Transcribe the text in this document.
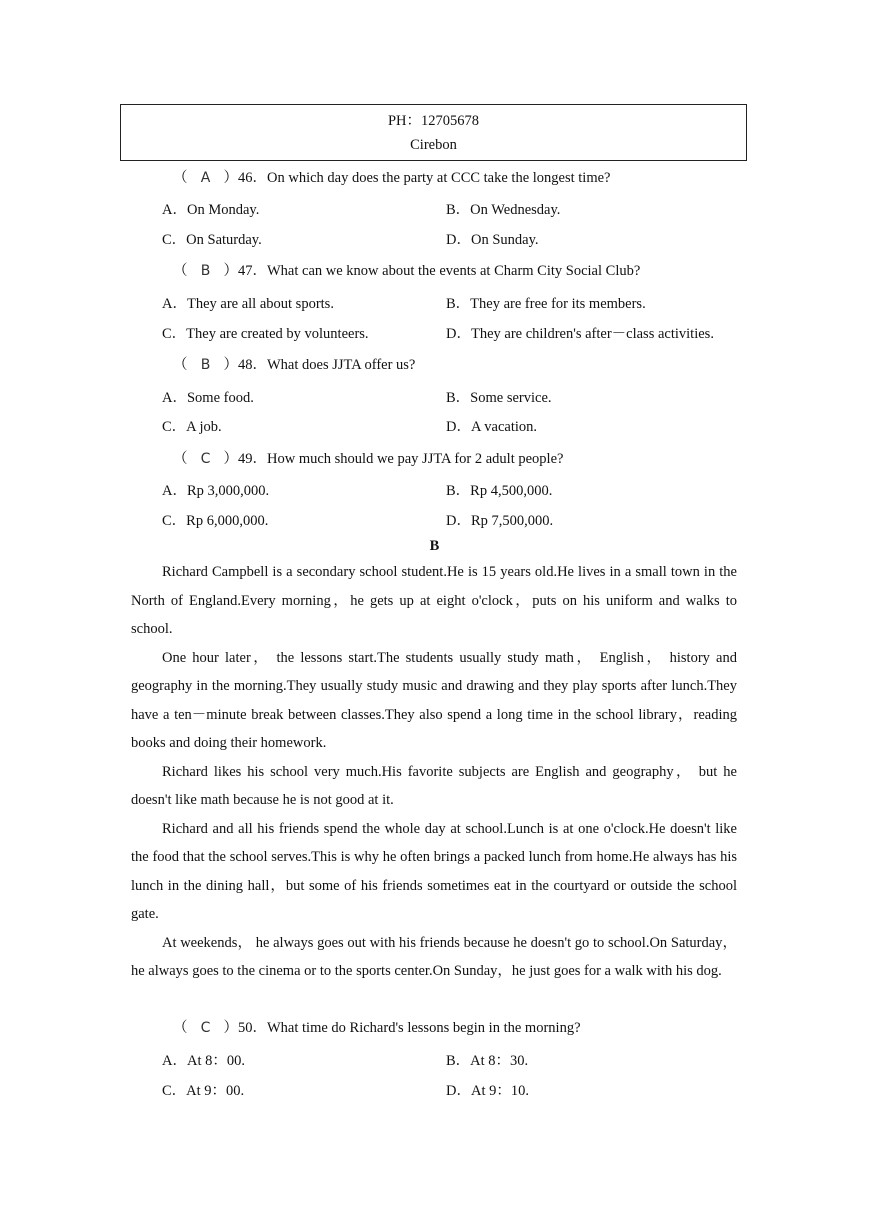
PH：12705678
Cirebon
（ A ）46．On which day does the party at CCC take the longest time?
A．On Monday.	B．On Wednesday.
C．On Saturday.	D．On Sunday.
（ B ）47．What can we know about the events at Charm City Social Club?
A．They are all about sports.	B．They are free for its members.
C．They are created by volunteers.	D．They are children's after－class activities.
（ B ）48．What does JJTA offer us?
A．Some food.	B．Some service.
C．A job.	D．A vacation.
（ C ）49．How much should we pay JJTA for 2 adult people?
A．Rp 3,000,000.	B．Rp 4,500,000.
C．Rp 6,000,000.	D．Rp 7,500,000.
B

Richard Campbell is a secondary school student.He is 15 years old.He lives in a small town in the North of England.Every morning，he gets up at eight o'clock，puts on his uniform and walks to school.

One hour later， the lessons start.The students usually study math， English， history and geography in the morning.They usually study music and drawing and they play sports after lunch.They have a ten－minute break between classes.They also spend a long time in the school library，reading books and doing their homework.

Richard likes his school very much.His favorite subjects are English and geography， but he doesn't like math because he is not good at it.

Richard and all his friends spend the whole day at school.Lunch is at one o'clock.He doesn't like the food that the school serves.This is why he often brings a packed lunch from home.He always has his lunch in the dining hall，but some of his friends sometimes eat in the courtyard or outside the school gate.

At weekends， he always goes out with his friends because he doesn't go to school.On Saturday，he always goes to the cinema or to the sports center.On Sunday，he just goes for a walk with his dog.

（ C ）50．What time do Richard's lessons begin in the morning?
A．At 8：00.	B．At 8：30.
C．At 9：00.	D．At 9：10.
